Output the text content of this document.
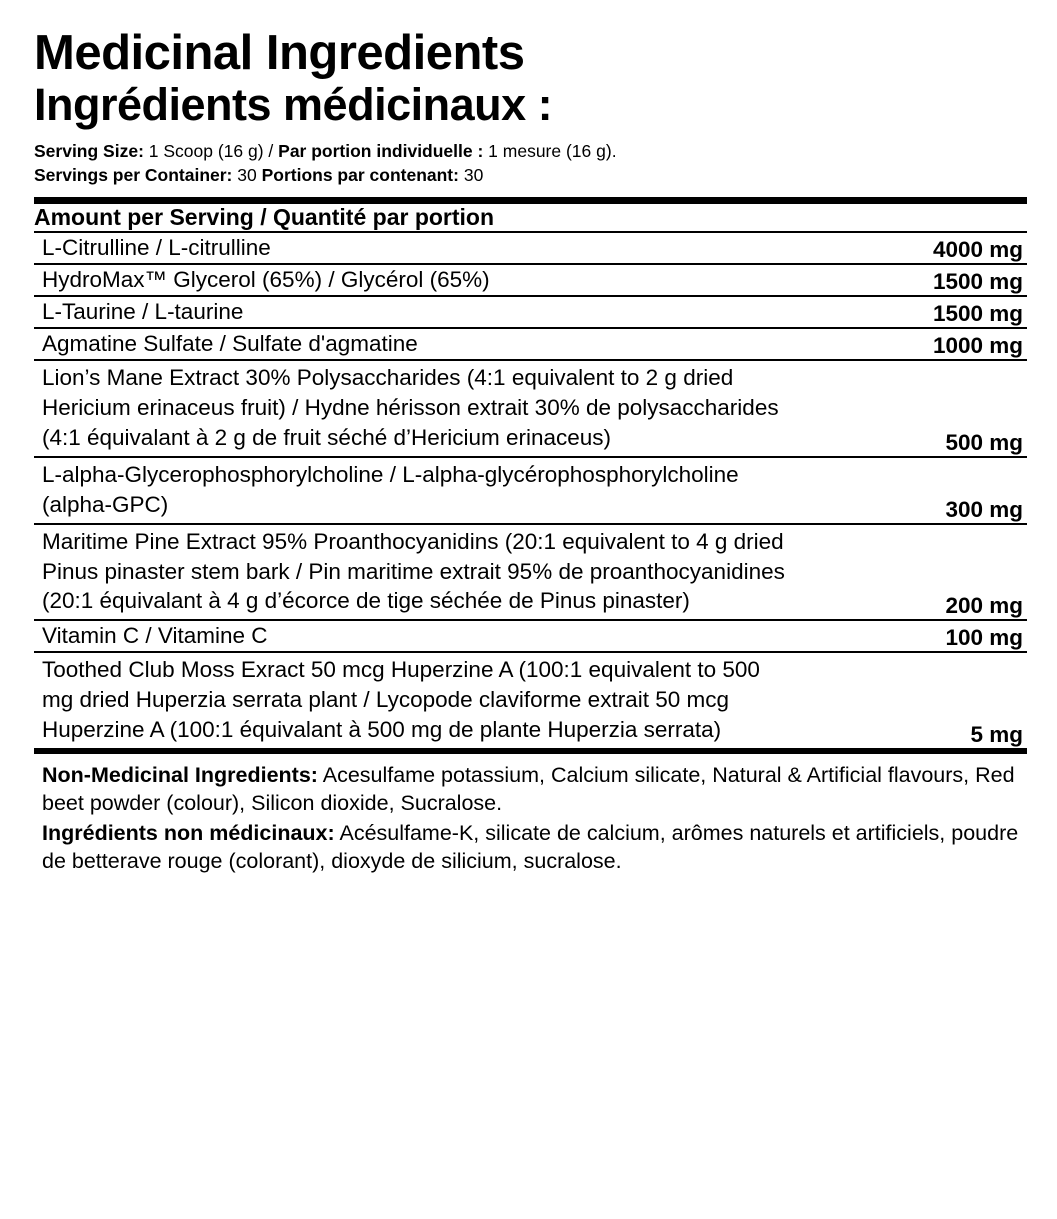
Medicinal Ingredients
Ingrédients médicinaux :
Serving Size: 1 Scoop (16 g) / Par portion individuelle : 1 mesure (16 g).
Servings per Container: 30 Portions par contenant: 30
Amount per Serving / Quantité par portion	
L-Citrulline / L-citrulline	4000 mg
HydroMax™ Glycerol (65%) / Glycérol (65%)	1500 mg
L-Taurine / L-taurine	1500 mg
Agmatine Sulfate / Sulfate d'agmatine	1000 mg
Lion’s Mane Extract 30% Polysaccharides (4:1 equivalent to 2 g dried Hericium erinaceus fruit) / Hydne hérisson extrait 30% de polysaccharides (4:1 équivalant à 2 g de fruit séché d’Hericium erinaceus)	500 mg
L-alpha-Glycerophosphorylcholine / L-alpha-glycérophosphorylcholine (alpha-GPC)	300 mg
Maritime Pine Extract 95% Proanthocyanidins (20:1 equivalent to 4 g dried Pinus pinaster stem bark / Pin maritime extrait 95% de proanthocyanidines (20:1 équivalant à 4 g d’écorce de tige séchée de Pinus pinaster)	200 mg
Vitamin C / Vitamine C	100 mg
Toothed Club Moss Exract 50 mcg Huperzine A (100:1 equivalent to 500 mg dried Huperzia serrata plant / Lycopode claviforme extrait 50 mcg Huperzine A (100:1 équivalant à 500 mg de plante Huperzia serrata)	5 mg

Non-Medicinal Ingredients: Acesulfame potassium, Calcium silicate, Natural & Artificial flavours, Red beet powder (colour), Silicon dioxide, Sucralose.

Ingrédients non médicinaux: Acésulfame-K, silicate de calcium, arômes naturels et artificiels, poudre de betterave rouge (colorant), dioxyde de silicium, sucralose.
